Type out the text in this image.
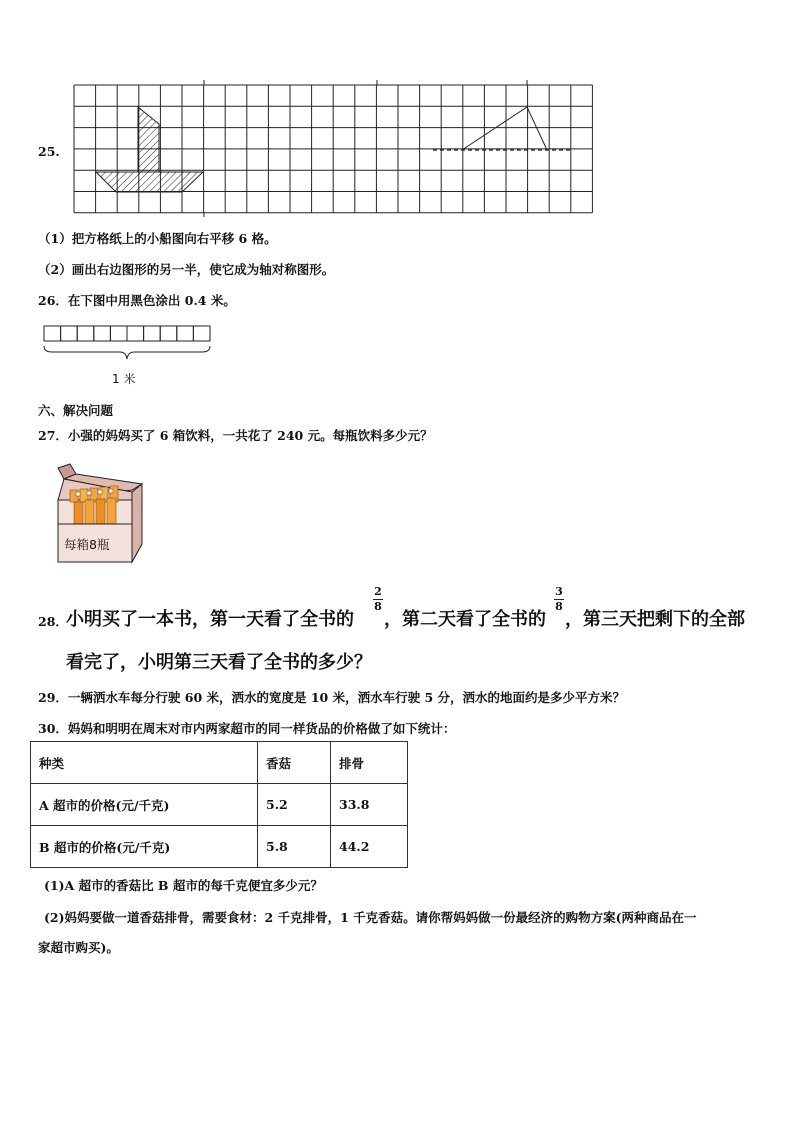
25.
（1）把方格纸上的小船图向右平移 6 格。
（2）画出右边图形的另一半，使它成为轴对称图形。
26．在下图中用黑色涂出 0.4 米。
1 米
六、解决问题
27．小强的妈妈买了 6 箱饮料，一共花了 240 元。每瓶饮料多少元？
每箱8瓶
28．
小明买了一本书，第一天看了全书的
2
8
，第二天看了全书的
3
8
，第三天把剩下的全部
看完了，小明第三天看了全书的多少？
29．一辆洒水车每分行驶 60 米，洒水的宽度是 10 米，洒水车行驶 5 分，洒水的地面约是多少平方米？
30．妈妈和明明在周末对市内两家超市的同一样货品的价格做了如下统计：
种类	香菇	排骨
A 超市的价格(元/千克)	5.2	33.8
B 超市的价格(元/千克)	5.8	44.2
(1)A 超市的香菇比 B 超市的每千克便宜多少元？
(2)妈妈要做一道香菇排骨，需要食材：2 千克排骨，1 千克香菇。请你帮妈妈做一份最经济的购物方案(两种商品在一
家超市购买)。
